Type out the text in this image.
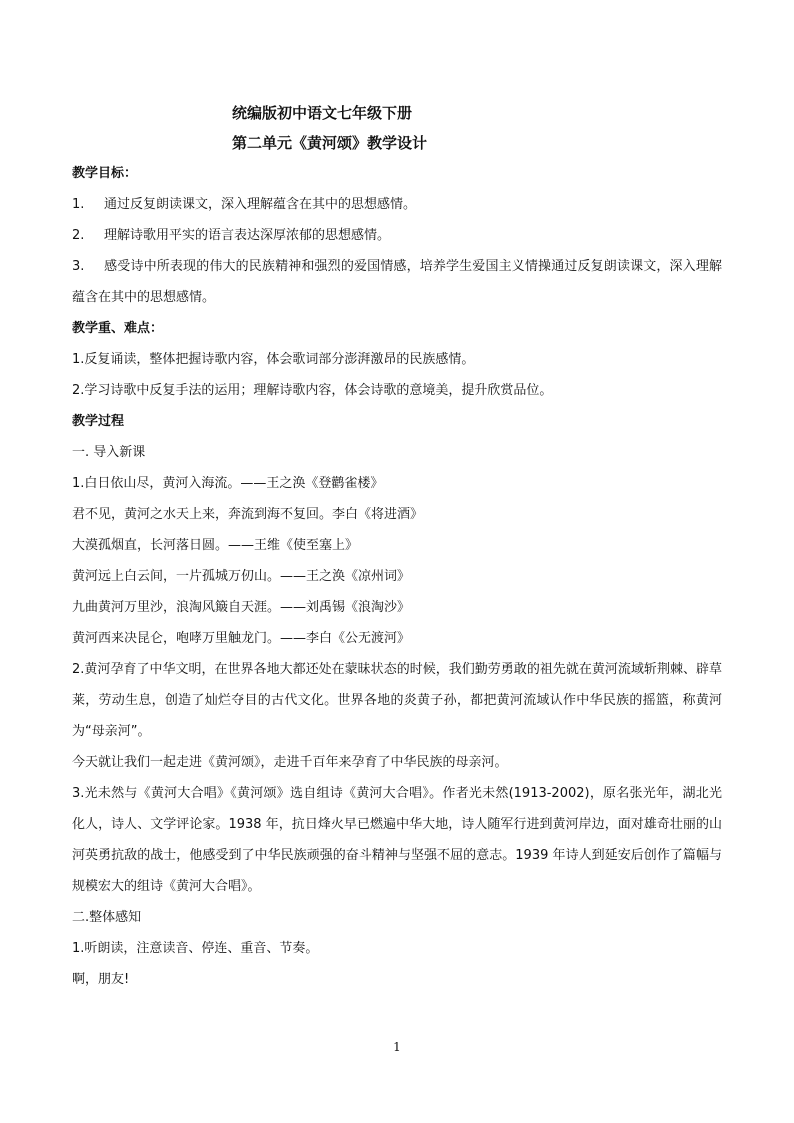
统编版初中语文七年级下册
第二单元《黄河颂》教学设计
教学目标：
1. 通过反复朗读课文，深入理解蕴含在其中的思想感情。
2. 理解诗歌用平实的语言表达深厚浓郁的思想感情。
3. 感受诗中所表现的伟大的民族精神和强烈的爱国情感，培养学生爱国主义情操通过反复朗读课文，深入理解蕴含在其中的思想感情。
教学重、难点：
1.反复诵读，整体把握诗歌内容，体会歌词部分澎湃激昂的民族感情。
2.学习诗歌中反复手法的运用；理解诗歌内容，体会诗歌的意境美，提升欣赏品位。
教学过程
一. 导入新课
1.白日依山尽，黄河入海流。——王之涣《登鹳雀楼》
君不见，黄河之水天上来，奔流到海不复回。李白《将进酒》
大漠孤烟直，长河落日圆。——王维《使至塞上》
黄河远上白云间，一片孤城万仞山。——王之涣《凉州词》
九曲黄河万里沙，浪淘风簸自天涯。——刘禹锡《浪淘沙》
黄河西来决昆仑，咆哮万里触龙门。——李白《公无渡河》
2.黄河孕育了中华文明，在世界各地大都还处在蒙昧状态的时候，我们勤劳勇敢的祖先就在黄河流域斩荆棘、辟草莱，劳动生息，创造了灿烂夺目的古代文化。世界各地的炎黄子孙，都把黄河流域认作中华民族的摇篮，称黄河为“母亲河”。
今天就让我们一起走进《黄河颂》，走进千百年来孕育了中华民族的母亲河。
3.光未然与《黄河大合唱》《黄河颂》选自组诗《黄河大合唱》。作者光未然(1913-2002)，原名张光年，湖北光化人，诗人、文学评论家。1938 年，抗日烽火早已燃遍中华大地，诗人随军行进到黄河岸边，面对雄奇壮丽的山河英勇抗敌的战士，他感受到了中华民族顽强的奋斗精神与坚强不屈的意志。1939 年诗人到延安后创作了篇幅与规模宏大的组诗《黄河大合唱》。
二.整体感知
1.听朗读，注意读音、停连、重音、节奏。
啊，朋友!
1
